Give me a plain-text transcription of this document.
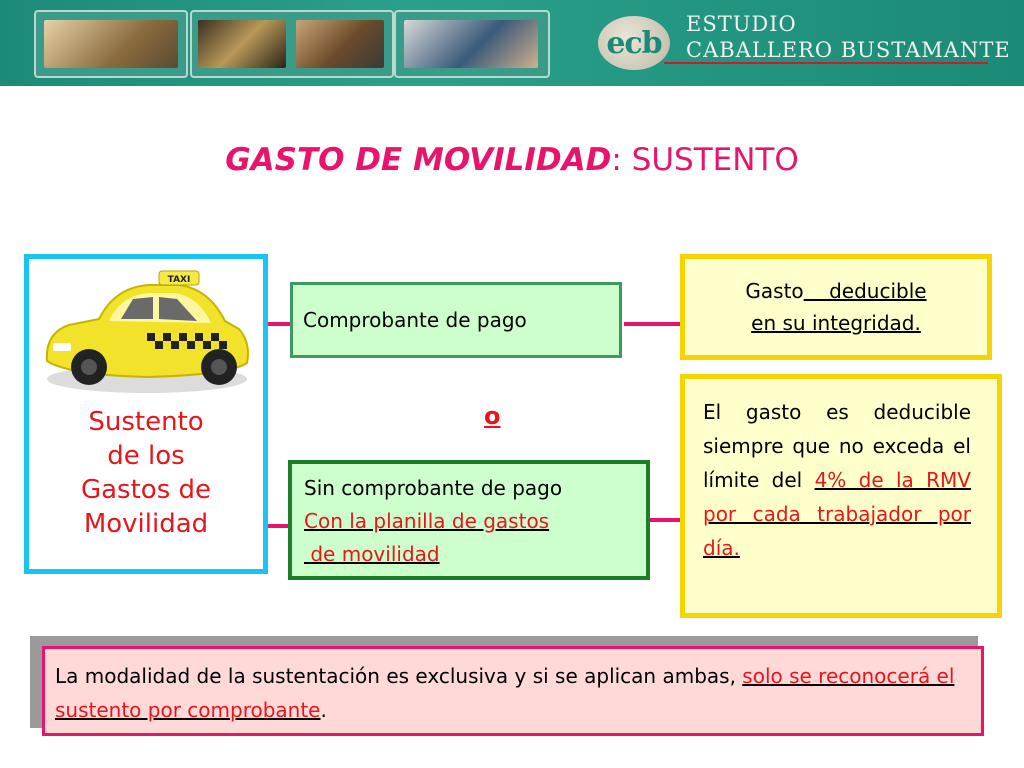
ecb
ESTUDIO
CABALLERO BUSTAMANTE
GASTO DE MOVILIDAD: SUSTENTO
TAXI
Sustento
de los
Gastos de
Movilidad
Comprobante de pago
o
Sin comprobante de pago
Con la planilla de gastos
de movilidad
Gasto    deducible
en su integridad.
El gasto es deducible siempre que no exceda el límite del 4% de la RMV por cada trabajador por día.
La modalidad de la sustentación es exclusiva y si se aplican ambas, solo se reconocerá el sustento por comprobante.
